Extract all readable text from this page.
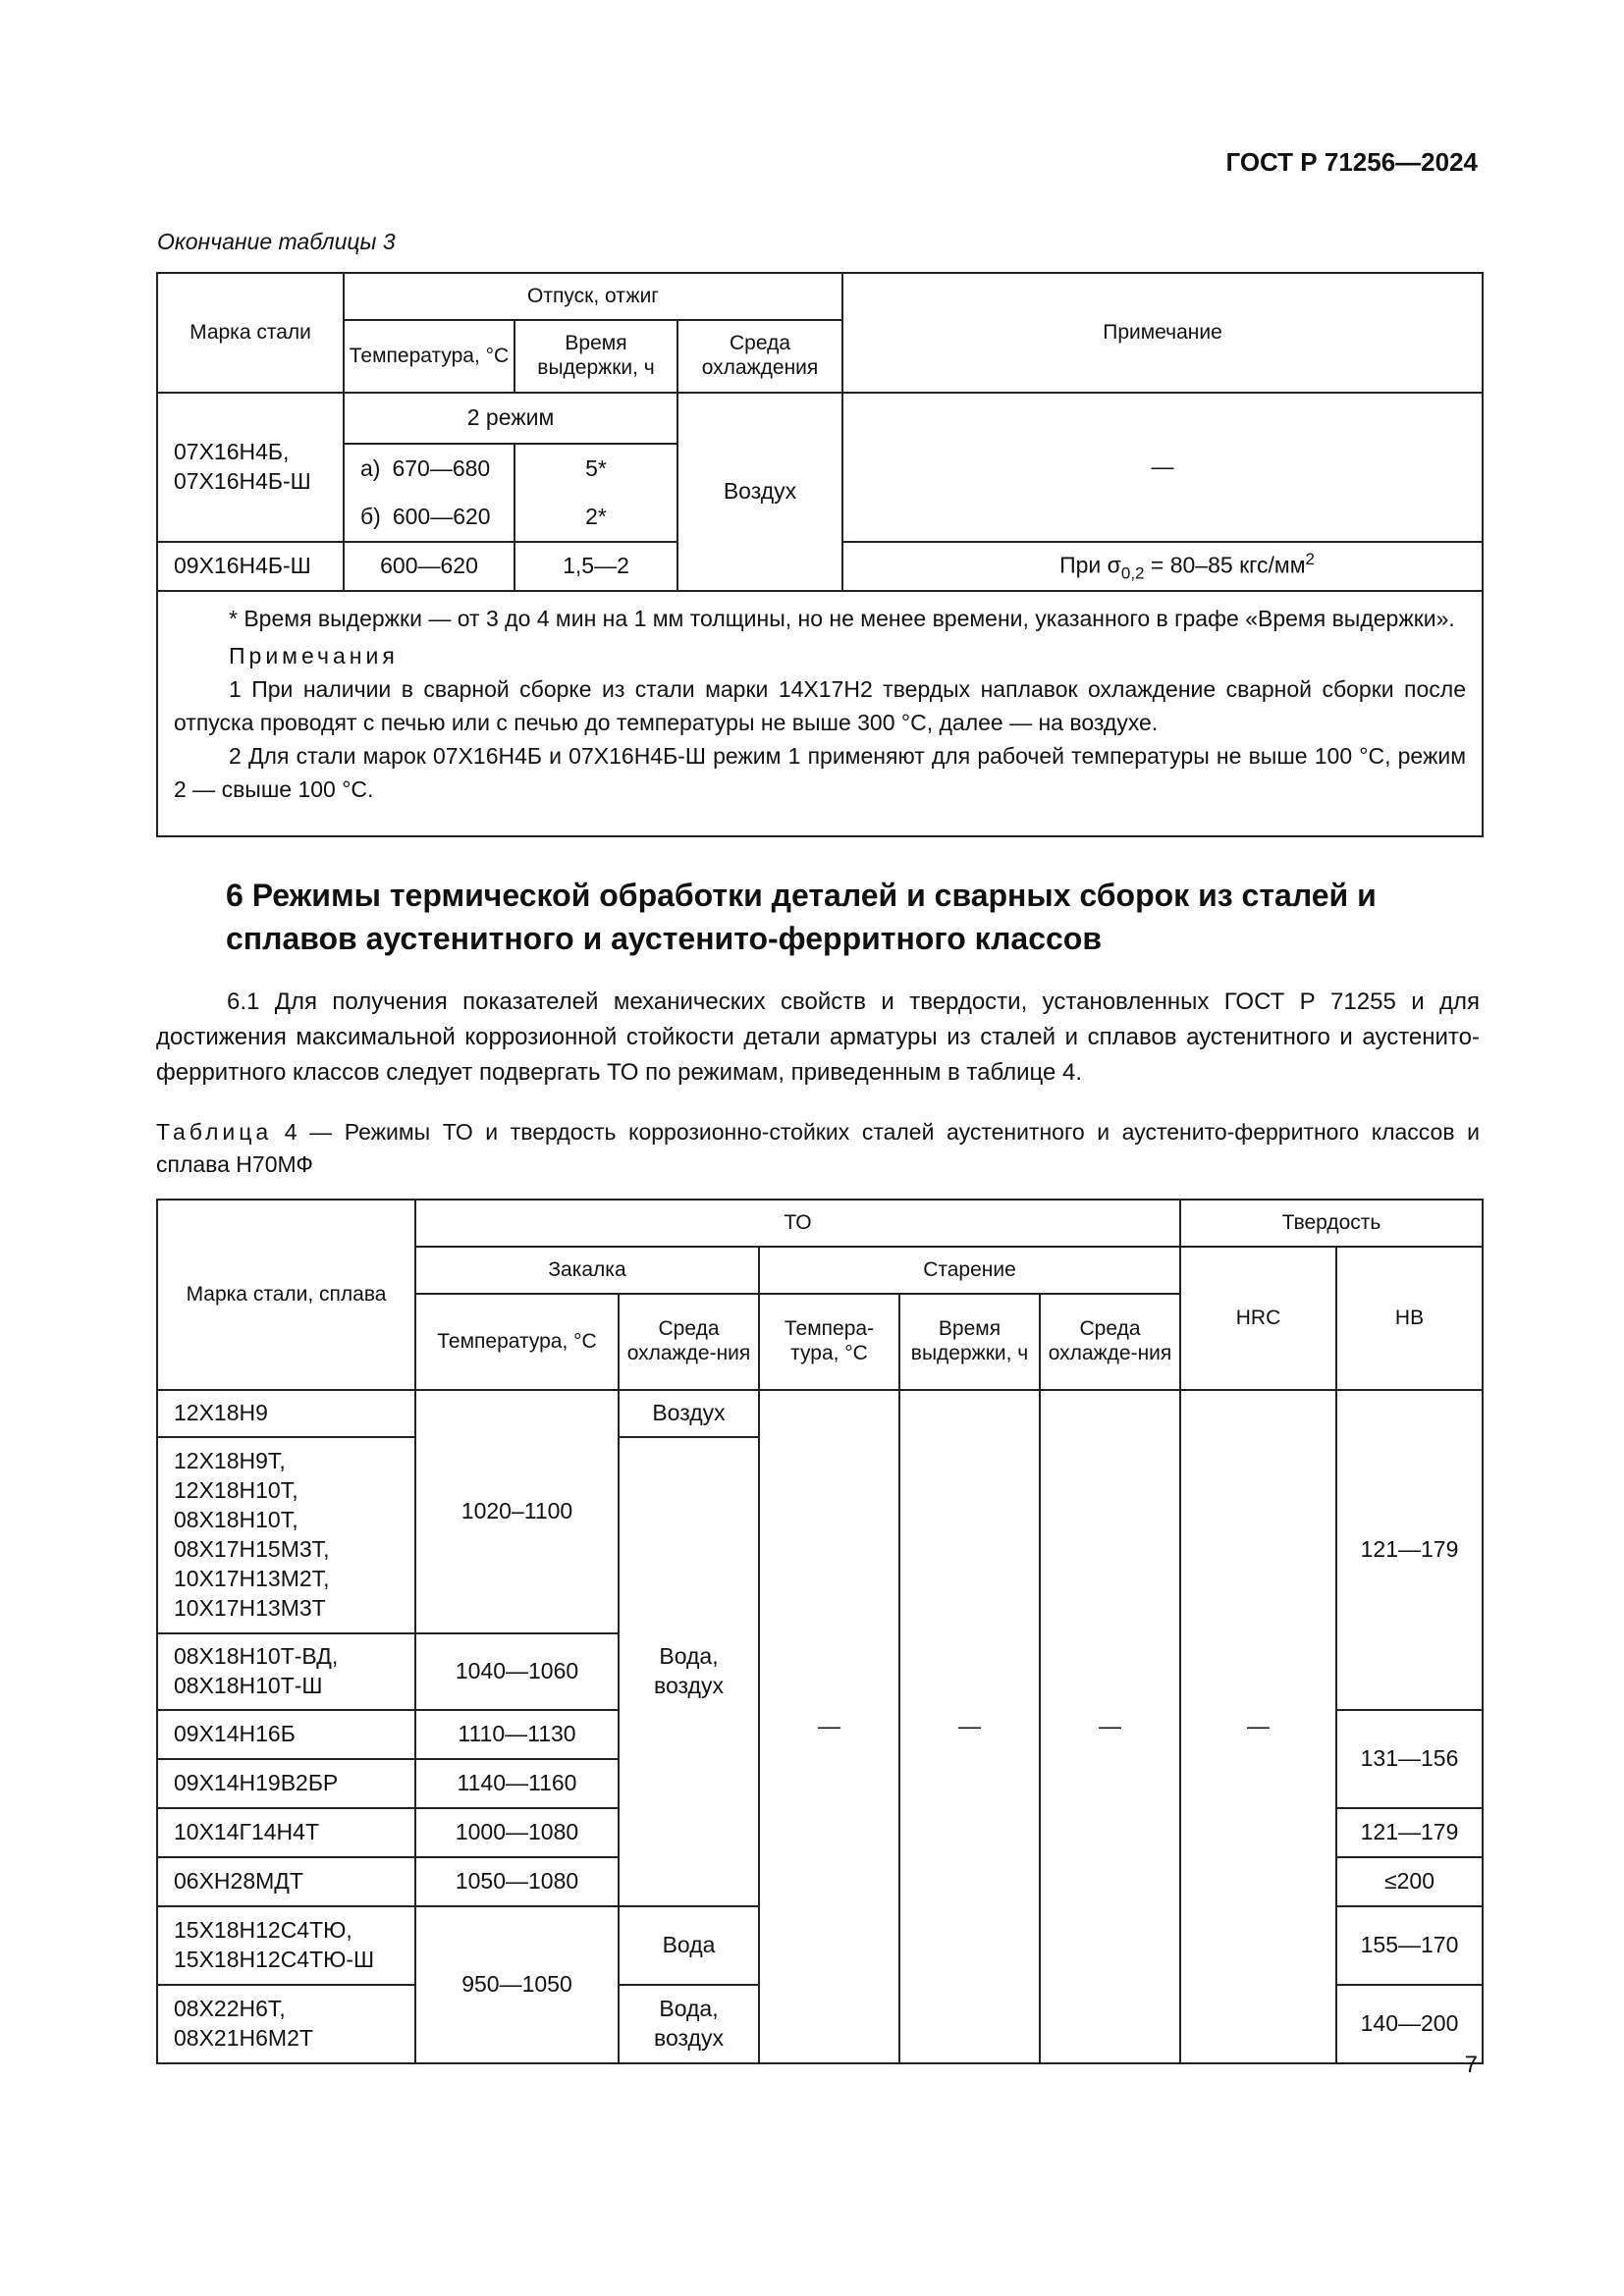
ГОСТ Р 71256—2024
Окончание таблицы 3
Марка стали	Отпуск, отжиг			Примечание
	Температура, °С	Время выдержки, ч	Среда охлаждения	
07Х16Н4Б, 07Х16Н4Б-Ш	2 режим		Воздух	—

	а) 670—680	5*		

	б) 600—620	2*		
09Х16Н4Б-Ш	600—620	1,5—2		При $\sigma_{0,2} = 80-85$ кгс/$мм^2$

* Время выдержки — от 3 до 4 мин на 1 мм толщины, но не менее времени, указанного в графе «Время выдержки».

Примечания

1 При наличии в сварной сборке из стали марки 14Х17Н2 твердых наплавок охлаждение сварной сборки после отпуска проводят с печью или с печью до температуры не выше 300 °С, далее — на воздухе.

2 Для стали марок 07Х16Н4Б и 07Х16Н4Б-Ш режим 1 применяют для рабочей температуры не выше 100 °С, режим 2 — свыше 100 °С.				

6 Режимы термической обработки деталей и сварных сборок из сталей и сплавов аустенитного и аустенито-ферритного классов
6.1 Для получения показателей механических свойств и твердости, установленных ГОСТ Р 71255 и для достижения максимальной коррозионной стойкости детали арматуры из сталей и сплавов аустенитного и аустенито-ферритного классов следует подвергать ТО по режимам, приведенным в таблице 4.
Таблица 4 — Режимы ТО и твердость коррозионно-стойких сталей аустенитного и аустенито-ферритного классов и сплава Н70МФ
Марка стали, сплава	ТО					Твердость	
	Закалка		Старение			HRC	НВ
	Температура, °С	Среда охлажде-ния	Темпера-тура, °С	Время выдержки, ч	Среда охлажде-ния		
12Х18Н9	1020–1100	Воздух	—	—	—	—	121—179
12Х18Н9Т, 12Х18Н10Т, 08Х18Н10Т, 08Х17Н15М3Т, 10Х17Н13М2Т, 10Х17Н13М3Т		Вода, воздух					
08Х18Н10Т-ВД, 08Х18Н10Т-Ш	1040—1060						
09Х14Н16Б	1110—1130						131—156
09Х14Н19В2БР	1140—1160						
10Х14Г14Н4Т	1000—1080						121—179
06ХН28МДТ	1050—1080						≤200
15Х18Н12С4ТЮ, 15Х18Н12С4ТЮ-Ш	950—1050	Вода					155—170
08Х22Н6Т, 08Х21Н6М2Т		Вода, воздух					140—200
7
